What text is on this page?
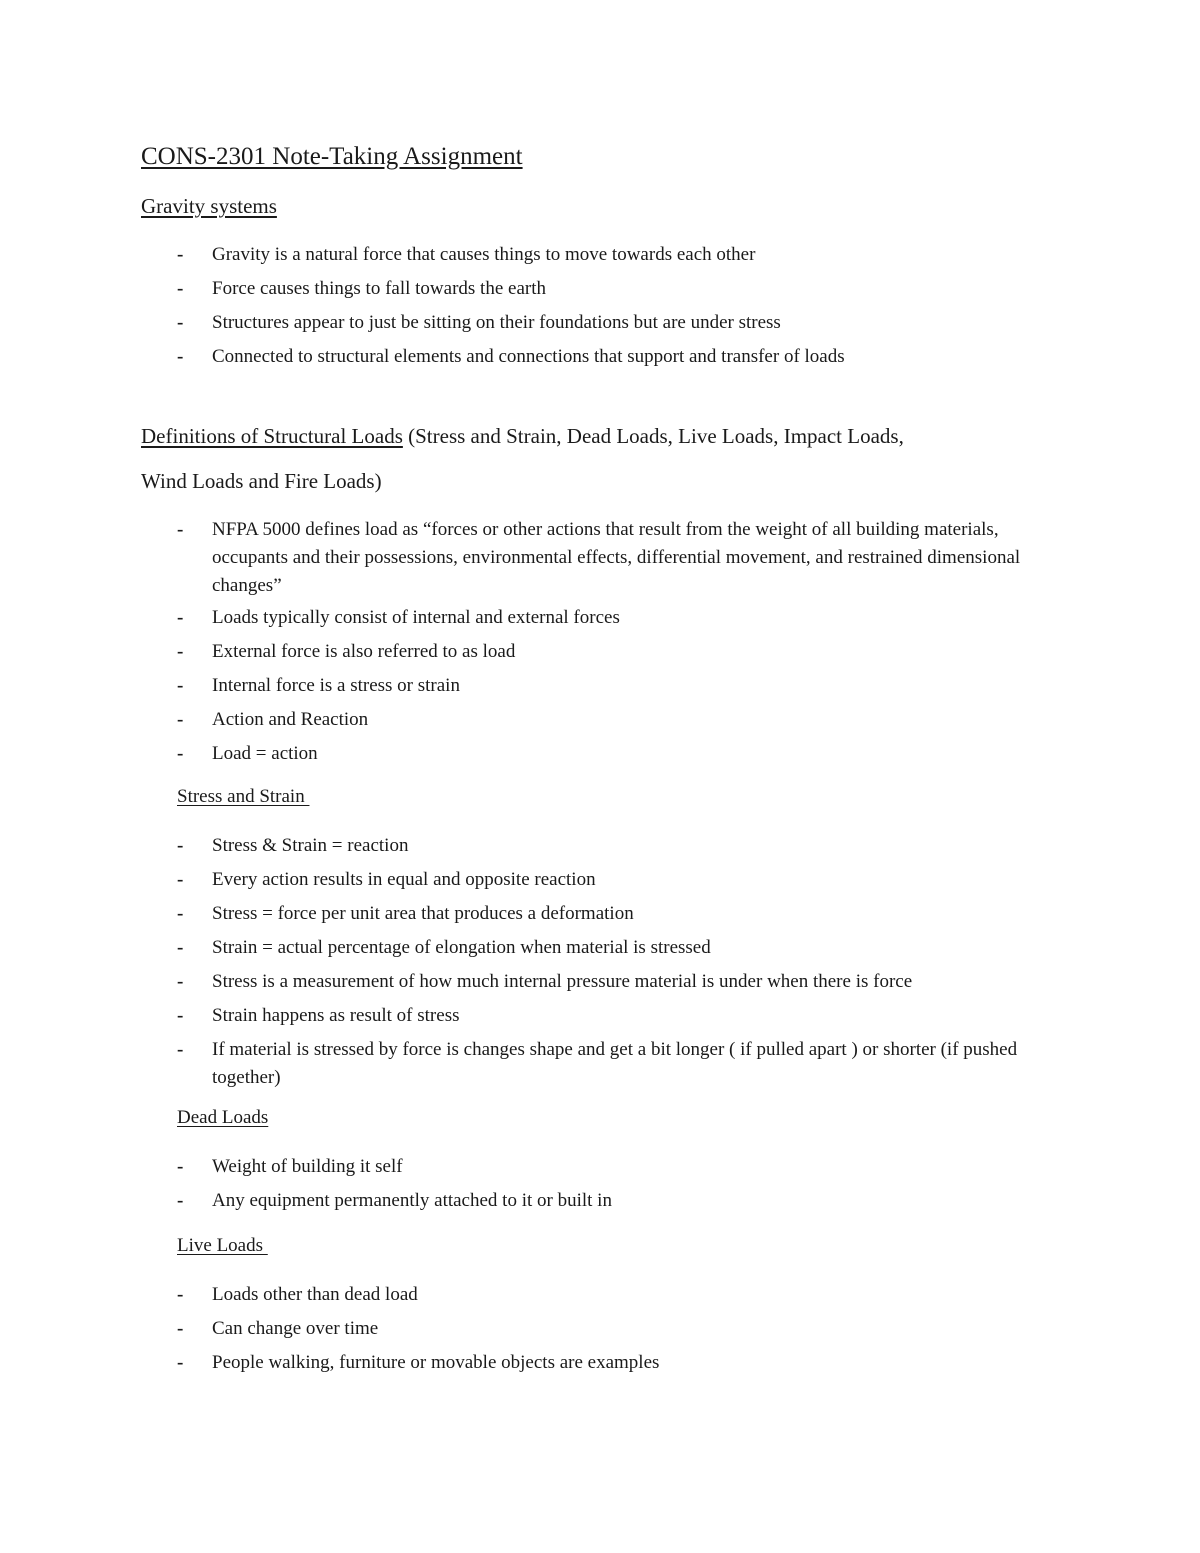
CONS-2301 Note-Taking Assignment
Gravity systems
- Gravity is a natural force that causes things to move towards each other
- Force causes things to fall towards the earth
- Structures appear to just be sitting on their foundations but are under stress
- Connected to structural elements and connections that support and transfer of loads
Definitions of Structural Loads (Stress and Strain, Dead Loads, Live Loads, Impact Loads,
Wind Loads and Fire Loads)
- NFPA 5000 defines load as “forces or other actions that result from the weight of all building materials, occupants and their possessions, environmental effects, differential movement, and restrained dimensional changes”
- Loads typically consist of internal and external forces
- External force is also referred to as load
- Internal force is a stress or strain
- Action and Reaction
- Load = action
Stress and Strain
- Stress & Strain = reaction
- Every action results in equal and opposite reaction
- Stress = force per unit area that produces a deformation
- Strain = actual percentage of elongation when material is stressed
- Stress is a measurement of how much internal pressure material is under when there is force
- Strain happens as result of stress
- If material is stressed by force is changes shape and get a bit longer ( if pulled apart ) or shorter (if pushed together)
Dead Loads
- Weight of building it self
- Any equipment permanently attached to it or built in
Live Loads
- Loads other than dead load
- Can change over time
- People walking, furniture or movable objects are examples
